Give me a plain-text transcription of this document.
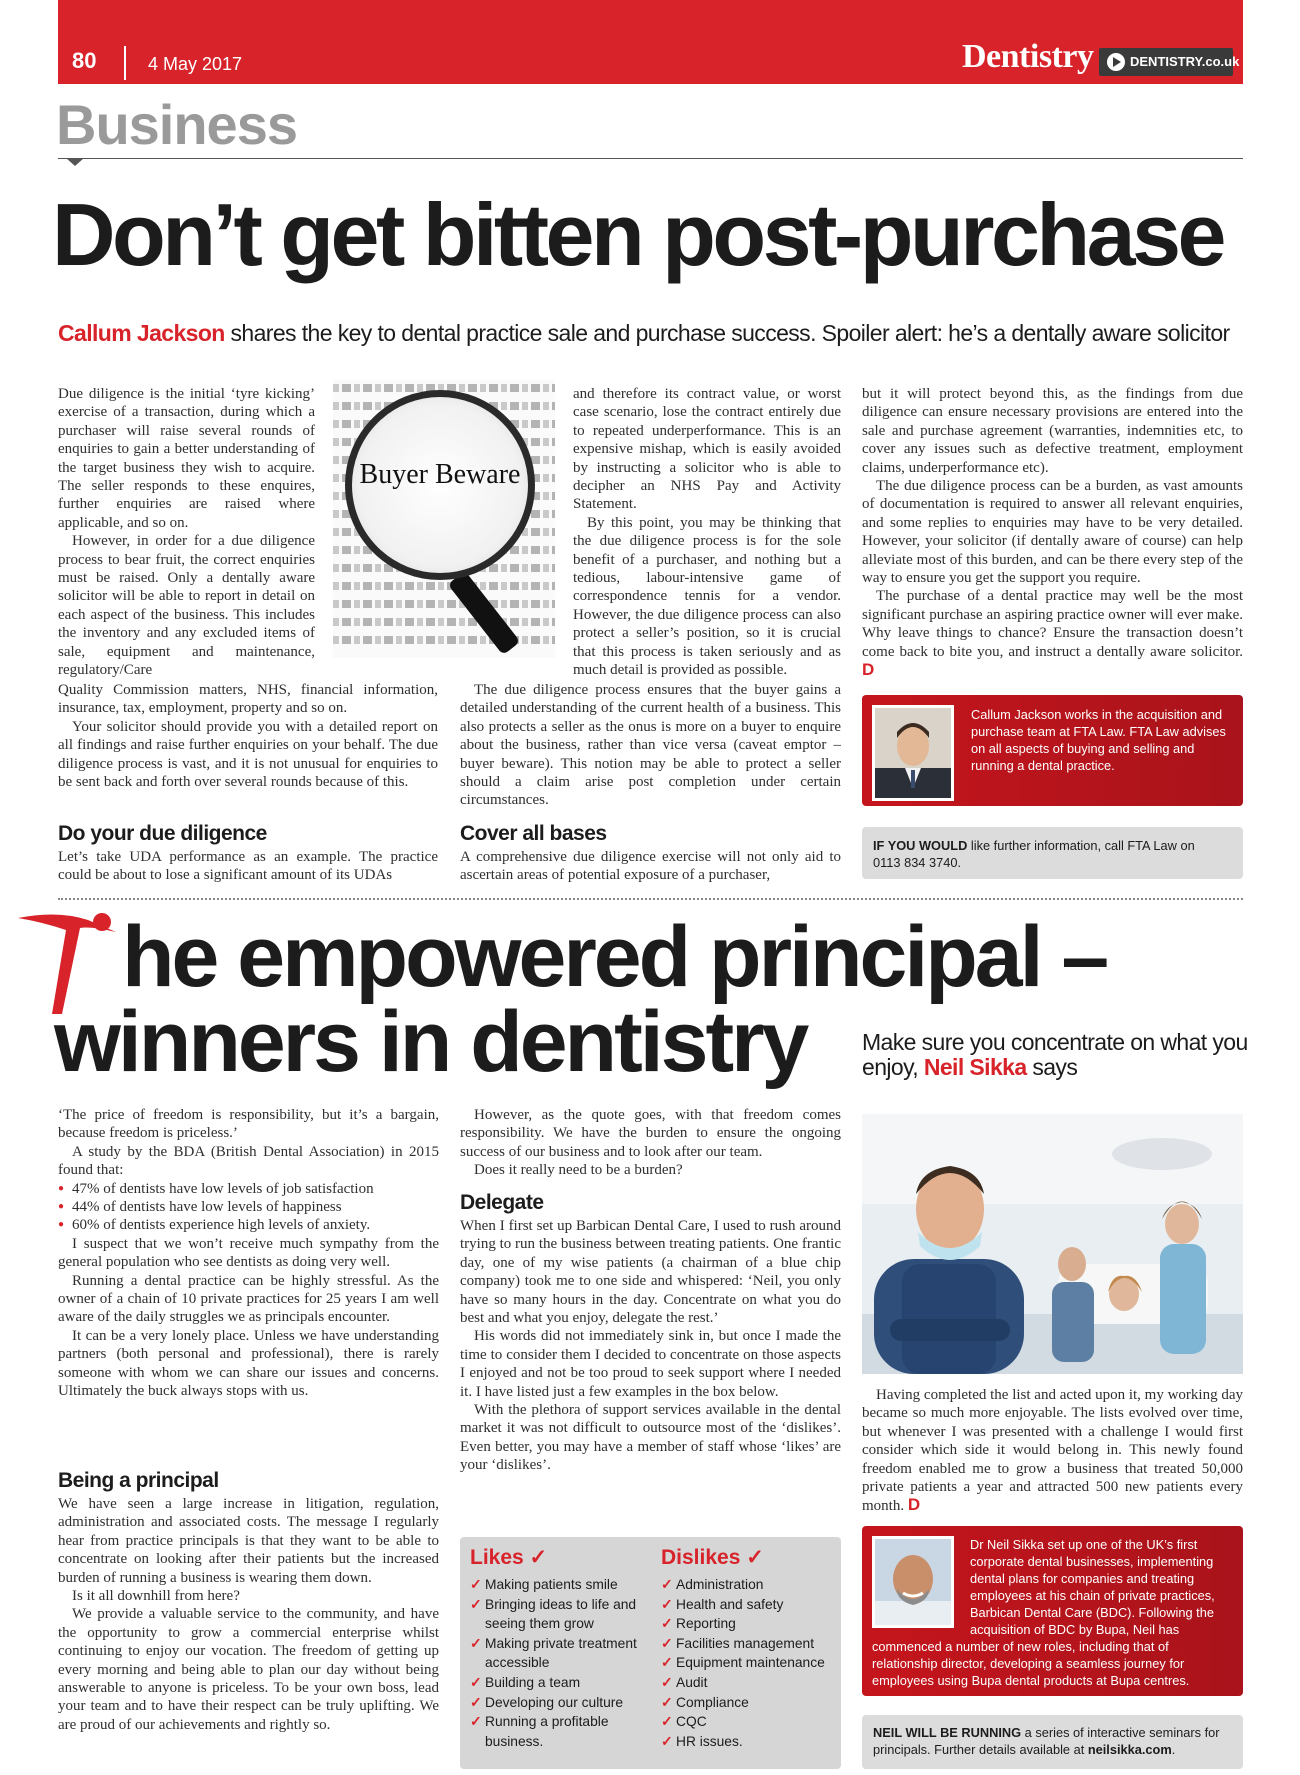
80	4 May 2017	Dentistry	DENTISTRY.co.uk
Business
Don’t get bitten post-purchase
Callum Jackson shares the key to dental practice sale and purchase success. Spoiler alert: he’s a dentally aware solicitor

Due diligence is the initial ‘tyre kicking’ exercise of a transaction, during which a purchaser will raise several rounds of enquiries to gain a better understanding of the target business they wish to acquire. The seller responds to these enquires, further enquiries are raised where applicable, and so on.

However, in order for a due diligence process to bear fruit, the correct enquiries must be raised. Only a dentally aware solicitor will be able to report in detail on each aspect of the business. This includes the inventory and any excluded items of sale, equipment and maintenance, regulatory/Care

Buyer Beware

Quality Commission matters, NHS, financial information, insurance, tax, employment, property and so on.

Your solicitor should provide you with a detailed report on all findings and raise further enquiries on your behalf. The due diligence process is vast, and it is not unusual for enquiries to be sent back and forth over several rounds because of this.

Do your due diligence

Let’s take UDA performance as an example. The practice could be about to lose a significant amount of its UDAs

and therefore its contract value, or worst case scenario, lose the contract entirely due to repeated underperformance. This is an expensive mishap, which is easily avoided by instructing a solicitor who is able to decipher an NHS Pay and Activity Statement.

By this point, you may be thinking that the due diligence process is for the sole benefit of a purchaser, and nothing but a tedious, labour-intensive game of correspondence tennis for a vendor. However, the due diligence process can also protect a seller’s position, so it is crucial that this process is taken seriously and as much detail is provided as possible.

The due diligence process ensures that the buyer gains a detailed understanding of the current health of a business. This also protects a seller as the onus is more on a buyer to enquire about the business, rather than vice versa (caveat emptor – buyer beware). This notion may be able to protect a seller should a claim arise post completion under certain circumstances.

Cover all bases

A comprehensive due diligence exercise will not only aid to ascertain areas of potential exposure of a purchaser,

but it will protect beyond this, as the findings from due diligence can ensure necessary provisions are entered into the sale and purchase agreement (warranties, indemnities etc, to cover any issues such as defective treatment, employment claims, underperformance etc).

The due diligence process can be a burden, as vast amounts of documentation is required to answer all relevant enquiries, and some replies to enquiries may have to be very detailed. However, your solicitor (if dentally aware of course) can help alleviate most of this burden, and can be there every step of the way to ensure you get the support you require.

The purchase of a dental practice may well be the most significant purchase an aspiring practice owner will ever make. Why leave things to chance? Ensure the transaction doesn’t come back to bite you, and instruct a dentally aware solicitor. D

Callum Jackson works in the acquisition and purchase team at FTA Law. FTA Law advises on all aspects of buying and selling and running a dental practice.
IF YOU WOULD like further information, call FTA Law on 0113 834 3740.
he empowered principal –
winners in dentistry Make sure you concentrate on what you enjoy, Neil Sikka says

‘The price of freedom is responsibility, but it’s a bargain, because freedom is priceless.’

A study by the BDA (British Dental Association) in 2015 found that:

● 47% of dentists have low levels of job satisfaction
● 44% of dentists have low levels of happiness
● 60% of dentists experience high levels of anxiety.

I suspect that we won’t receive much sympathy from the general population who see dentists as doing very well.

Running a dental practice can be highly stressful. As the owner of a chain of 10 private practices for 25 years I am well aware of the daily struggles we as principals encounter.

It can be a very lonely place. Unless we have understanding partners (both personal and professional), there is rarely someone with whom we can share our issues and concerns. Ultimately the buck always stops with us.

Being a principal

We have seen a large increase in litigation, regulation, administration and associated costs. The message I regularly hear from practice principals is that they want to be able to concentrate on looking after their patients but the increased burden of running a business is wearing them down.

Is it all downhill from here?

We provide a valuable service to the community, and have the opportunity to grow a commercial enterprise whilst continuing to enjoy our vocation. The freedom of getting up every morning and being able to plan our day without being answerable to anyone is priceless. To be your own boss, lead your team and to have their respect can be truly uplifting. We are proud of our achievements and rightly so.

However, as the quote goes, with that freedom comes responsibility. We have the burden to ensure the ongoing success of our business and to look after our team.

Does it really need to be a burden?

Delegate

When I first set up Barbican Dental Care, I used to rush around trying to run the business between treating patients. One frantic day, one of my wise patients (a chairman of a blue chip company) took me to one side and whispered: ‘Neil, you only have so many hours in the day. Concentrate on what you do best and what you enjoy, delegate the rest.’

His words did not immediately sink in, but once I made the time to consider them I decided to concentrate on those aspects I enjoyed and not be too proud to seek support where I needed it. I have listed just a few examples in the box below.

With the plethora of support services available in the dental market it was not difficult to outsource most of the ‘dislikes’. Even better, you may have a member of staff whose ‘likes’ are your ‘dislikes’.

Likes ✓
✓ Making patients smile
✓ Bringing ideas to life and seeing them grow
✓ Making private treatment accessible
✓ Building a team
✓ Developing our culture
✓ Running a profitable business.
Dislikes ✓
✓ Administration
✓ Health and safety
✓ Reporting
✓ Facilities management
✓ Equipment maintenance
✓ Audit
✓ Compliance
✓ CQC
✓ HR issues.

Having completed the list and acted upon it, my working day became so much more enjoyable. The lists evolved over time, but whenever I was presented with a challenge I would first consider which side it would belong in. This newly found freedom enabled me to grow a business that treated 50,000 private patients a year and attracted 500 new patients every month. D

Dr Neil Sikka set up one of the UK’s first corporate dental businesses, implementing dental plans for companies and treating employees at his chain of private practices, Barbican Dental Care (BDC). Following the acquisition of BDC by Bupa, Neil has commenced a number of new roles, including that of relationship director, developing a seamless journey for employees using Bupa dental products at Bupa centres.
NEIL WILL BE RUNNING a series of interactive seminars for principals. Further details available at neilsikka.com.
